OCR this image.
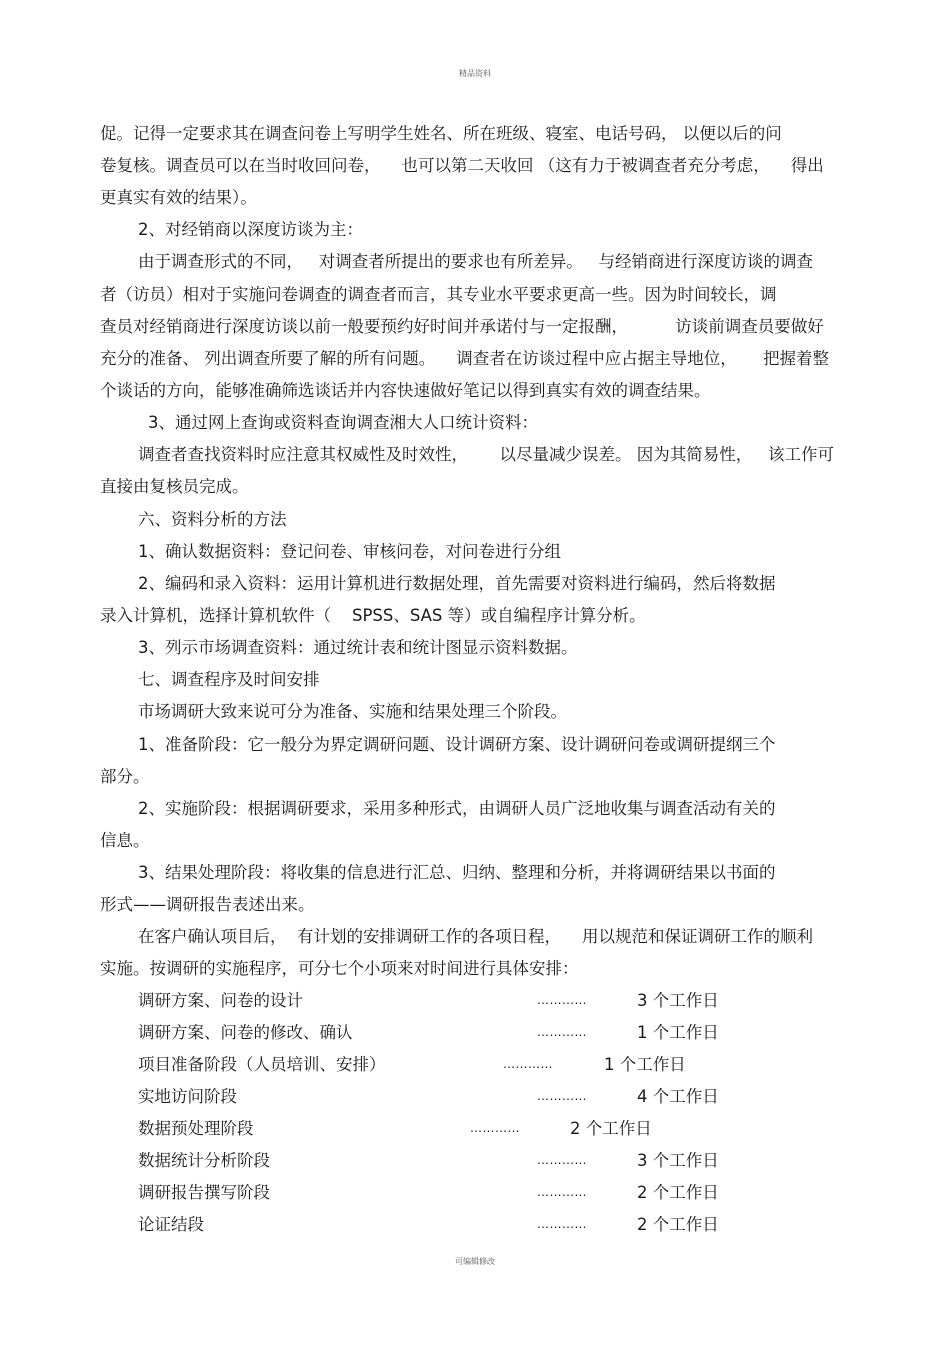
精品资料
促。记得一定要求其在调查问卷上写明学生姓名、所在班级、寝室、电话号码， 以便以后的问
卷复核。调查员可以在当时收回问卷，    也可以第二天收回 （这有力于被调查者充分考虑，    得出
更真实有效的结果）。
2、对经销商以深度访谈为主：
由于调查形式的不同，   对调查者所提出的要求也有所差异。   与经销商进行深度访谈的调查
者（访员）相对于实施问卷调查的调查者而言，其专业水平要求更高一些。因为时间较长，调
查员对经销商进行深度访谈以前一般要预约好时间并承诺付与一定报酬，         访谈前调查员要做好
充分的准备、 列出调查所要了解的所有问题。    调查者在访谈过程中应占据主导地位，     把握着整
个谈话的方向，能够准确筛选谈话并内容快速做好笔记以得到真实有效的调查结果。
3、通过网上查询或资料查询调查湘大人口统计资料：
调查者查找资料时应注意其权威性及时效性，      以尽量减少误差。 因为其简易性，   该工作可
直接由复核员完成。
六、资料分析的方法
1、确认数据资料：登记问卷、审核问卷，对问卷进行分组
2、编码和录入资料：运用计算机进行数据处理，首先需要对资料进行编码，然后将数据
录入计算机，选择计算机软件（    SPSS、SAS 等）或自编程序计算分析。
3、列示市场调查资料：通过统计表和统计图显示资料数据。
七、调查程序及时间安排
市场调研大致来说可分为准备、实施和结果处理三个阶段。
1、准备阶段：它一般分为界定调研问题、设计调研方案、设计调研问卷或调研提纲三个
部分。
2、实施阶段：根据调研要求，采用多种形式，由调研人员广泛地收集与调查活动有关的
信息。
3、结果处理阶段：将收集的信息进行汇总、归纳、整理和分析，并将调研结果以书面的
形式——调研报告表述出来。
在客户确认项目后，  有计划的安排调研工作的各项日程，    用以规范和保证调研工作的顺利
实施。按调研的实施程序，可分七个小项来对时间进行具体安排：
调研方案、问卷的设计	…………	3 个工作日
调研方案、问卷的修改、确认	…………	1 个工作日
项目准备阶段（人员培训、安排）	…………	1 个工作日
实地访问阶段	…………	4 个工作日
数据预处理阶段	…………	2 个工作日
数据统计分析阶段	…………	3 个工作日
调研报告撰写阶段	…………	2 个工作日
论证结段	…………	2 个工作日
可编辑修改
